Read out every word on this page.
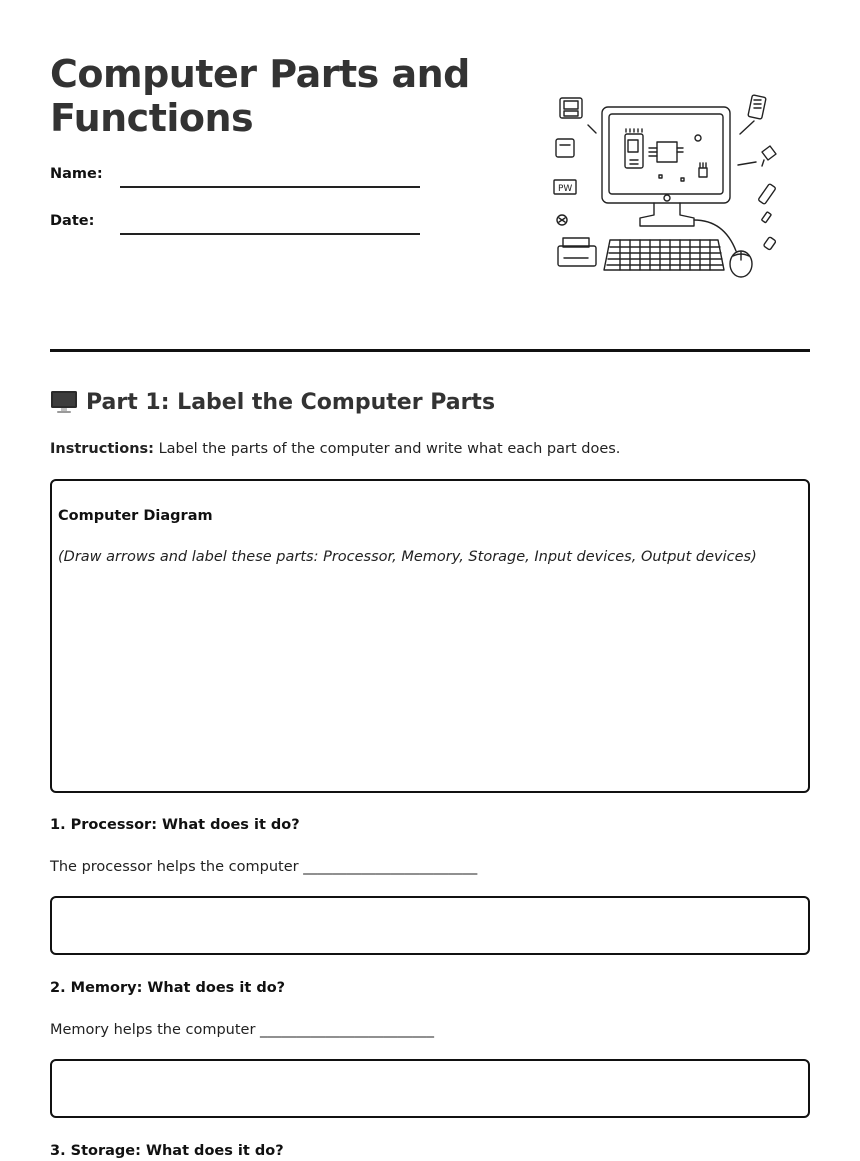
Computer Parts and
Functions
Name:
Date:
PW
Part 1: Label the Computer Parts
Instructions: Label the parts of the computer and write what each part does.
Computer Diagram
(Draw arrows and label these parts: Processor, Memory, Storage, Input devices, Output devices)
1. Processor: What does it do?
The processor helps the computer ________________________
2. Memory: What does it do?
Memory helps the computer ________________________
3. Storage: What does it do?
